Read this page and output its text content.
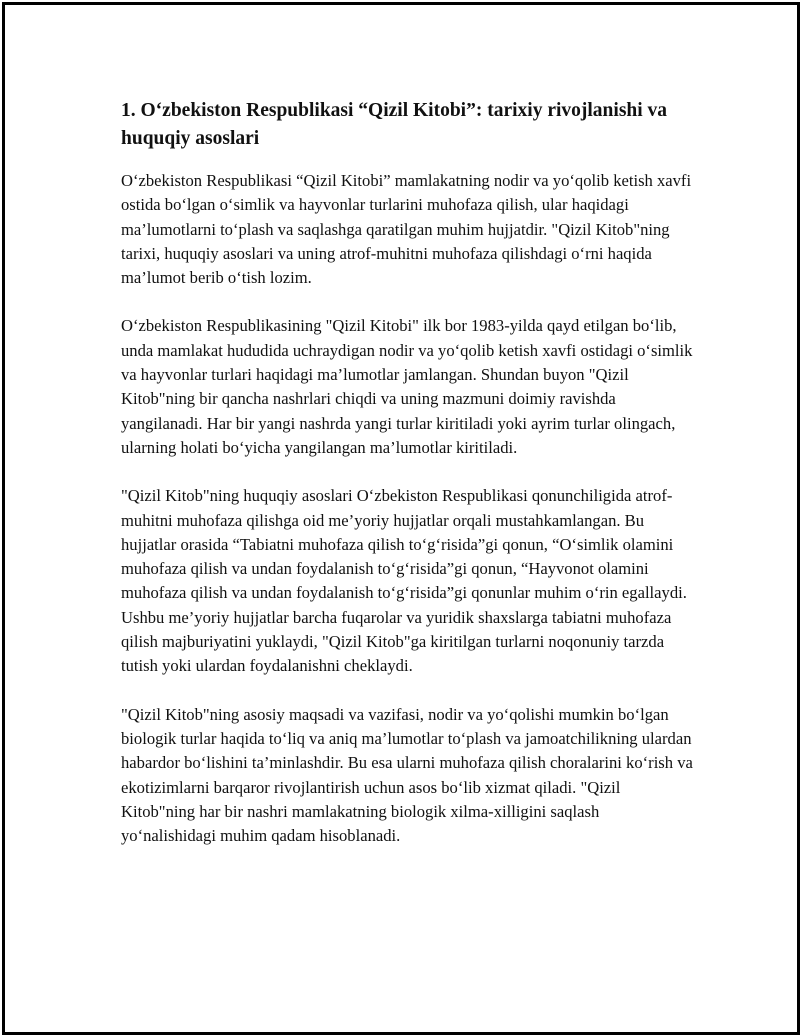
1. O‘zbekiston Respublikasi “Qizil Kitobi”: tarixiy rivojlanishi va huquqiy asoslari

O‘zbekiston Respublikasi “Qizil Kitobi” mamlakatning nodir va yo‘qolib ketish xavfi ostida bo‘lgan o‘simlik va hayvonlar turlarini muhofaza qilish, ular haqidagi ma’lumotlarni to‘plash va saqlashga qaratilgan muhim hujjatdir. "Qizil Kitob"ning tarixi, huquqiy asoslari va uning atrof-muhitni muhofaza qilishdagi o‘rni haqida ma’lumot berib o‘tish lozim.

O‘zbekiston Respublikasining "Qizil Kitobi" ilk bor 1983-yilda qayd etilgan bo‘lib, unda mamlakat hududida uchraydigan nodir va yo‘qolib ketish xavfi ostidagi o‘simlik va hayvonlar turlari haqidagi ma’lumotlar jamlangan. Shundan buyon "Qizil Kitob"ning bir qancha nashrlari chiqdi va uning mazmuni doimiy ravishda yangilanadi. Har bir yangi nashrda yangi turlar kiritiladi yoki ayrim turlar olingach, ularning holati bo‘yicha yangilangan ma’lumotlar kiritiladi.

"Qizil Kitob"ning huquqiy asoslari O‘zbekiston Respublikasi qonunchiligida atrof-muhitni muhofaza qilishga oid me’yoriy hujjatlar orqali mustahkamlangan. Bu hujjatlar orasida “Tabiatni muhofaza qilish to‘g‘risida”gi qonun, “O‘simlik olamini muhofaza qilish va undan foydalanish to‘g‘risida”gi qonun, “Hayvonot olamini muhofaza qilish va undan foydalanish to‘g‘risida”gi qonunlar muhim o‘rin egallaydi. Ushbu me’yoriy hujjatlar barcha fuqarolar va yuridik shaxslarga tabiatni muhofaza qilish majburiyatini yuklaydi, "Qizil Kitob"ga kiritilgan turlarni noqonuniy tarzda tutish yoki ulardan foydalanishni cheklaydi.

"Qizil Kitob"ning asosiy maqsadi va vazifasi, nodir va yo‘qolishi mumkin bo‘lgan biologik turlar haqida to‘liq va aniq ma’lumotlar to‘plash va jamoatchilikning ulardan habardor bo‘lishini ta’minlashdir. Bu esa ularni muhofaza qilish choralarini ko‘rish va ekotizimlarni barqaror rivojlantirish uchun asos bo‘lib xizmat qiladi. "Qizil Kitob"ning har bir nashri mamlakatning biologik xilma-xilligini saqlash yo‘nalishidagi muhim qadam hisoblanadi.
